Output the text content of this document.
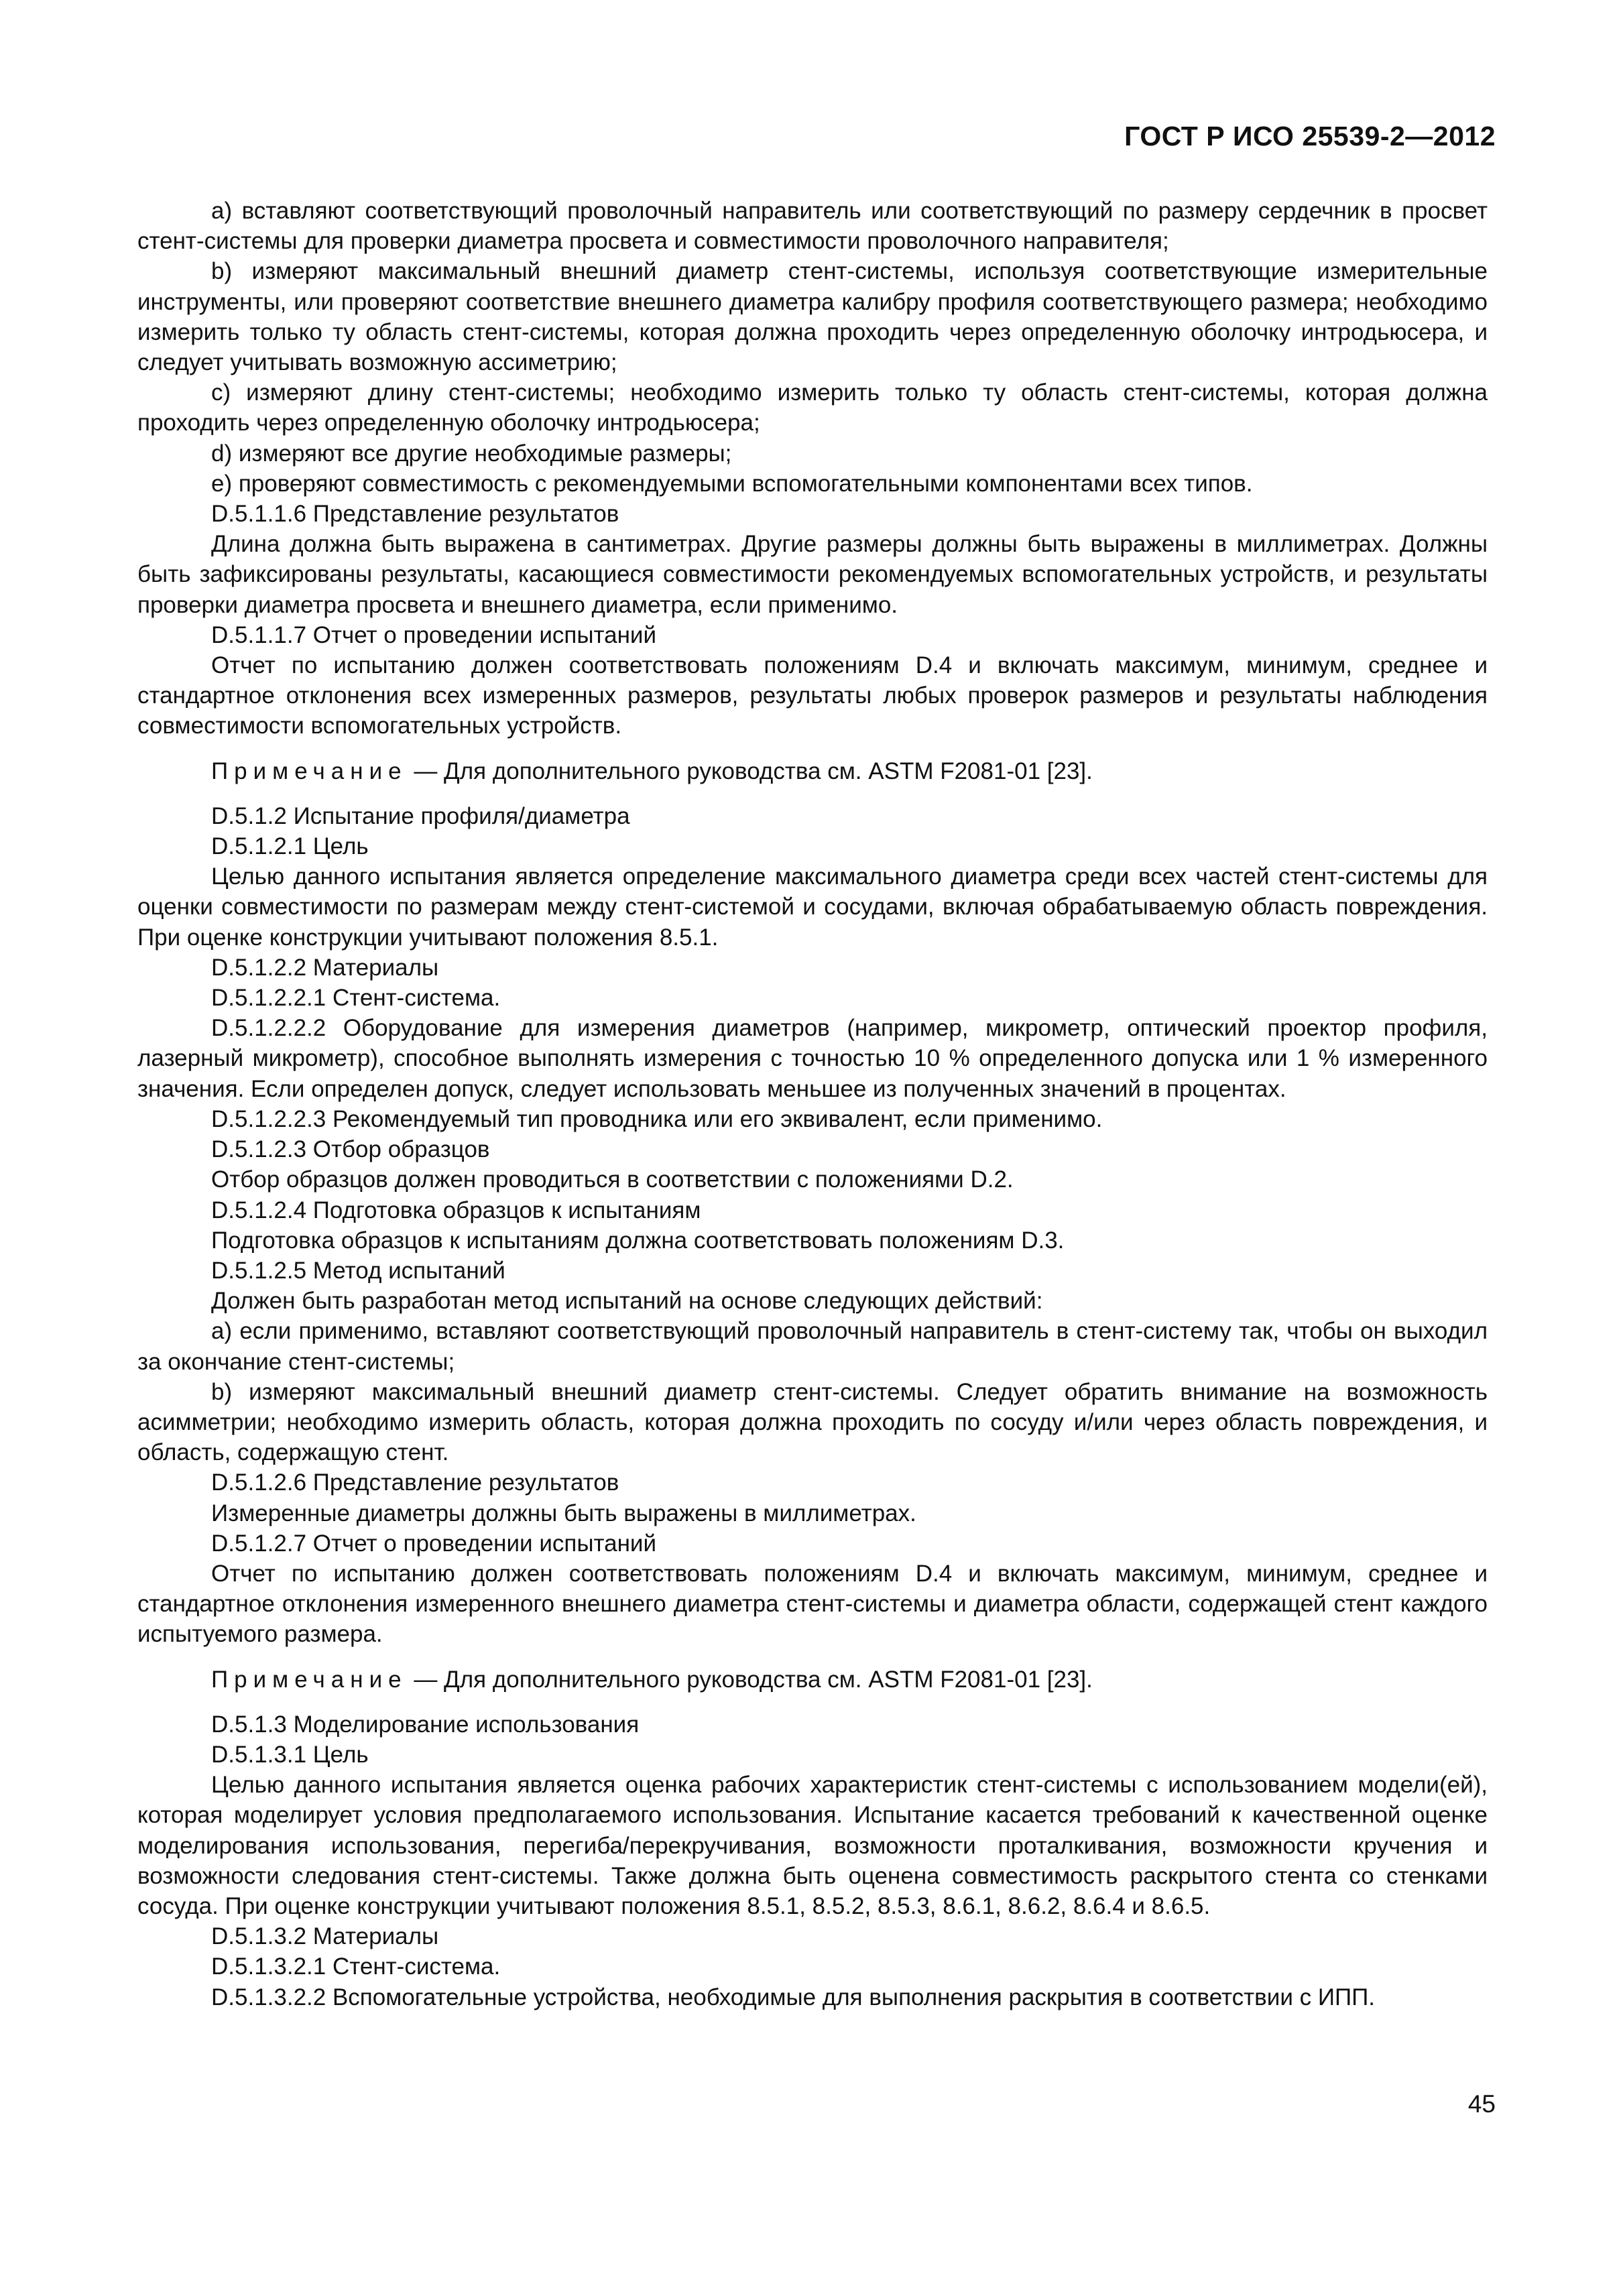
ГОСТ Р ИСО 25539-2—2012

a) вставляют соответствующий проволочный направитель или соответствующий по размеру сердечник в просвет стент-системы для проверки диаметра просвета и совместимости проволочного направителя;

b) измеряют максимальный внешний диаметр стент-системы, используя соответствующие измерительные инструменты, или проверяют соответствие внешнего диаметра калибру профиля соответствующего размера; необходимо измерить только ту область стент-системы, которая должна проходить через определенную оболочку интродьюсера, и следует учитывать возможную ассиметрию;

c) измеряют длину стент-системы; необходимо измерить только ту область стент-системы, которая должна проходить через определенную оболочку интродьюсера;

d) измеряют все другие необходимые размеры;

e) проверяют совместимость с рекомендуемыми вспомогательными компонентами всех типов.

D.5.1.1.6 Представление результатов

Длина должна быть выражена в сантиметрах. Другие размеры должны быть выражены в миллиметрах. Должны быть зафиксированы результаты, касающиеся совместимости рекомендуемых вспомогательных устройств, и результаты проверки диаметра просвета и внешнего диаметра, если применимо.

D.5.1.1.7 Отчет о проведении испытаний

Отчет по испытанию должен соответствовать положениям D.4 и включать максимум, минимум, среднее и стандартное отклонения всех измеренных размеров, результаты любых проверок размеров и результаты наблюдения совместимости вспомогательных устройств.

Примечание — Для дополнительного руководства см. ASTM F2081-01 [23].

D.5.1.2 Испытание профиля/диаметра

D.5.1.2.1 Цель

Целью данного испытания является определение максимального диаметра среди всех частей стент-системы для оценки совместимости по размерам между стент-системой и сосудами, включая обрабатываемую область повреждения. При оценке конструкции учитывают положения 8.5.1.

D.5.1.2.2 Материалы

D.5.1.2.2.1 Стент-система.

D.5.1.2.2.2 Оборудование для измерения диаметров (например, микрометр, оптический проектор профиля, лазерный микрометр), способное выполнять измерения с точностью 10 % определенного допуска или 1 % измеренного значения. Если определен допуск, следует использовать меньшее из полученных значений в процентах.

D.5.1.2.2.3 Рекомендуемый тип проводника или его эквивалент, если применимо.

D.5.1.2.3 Отбор образцов

Отбор образцов должен проводиться в соответствии с положениями D.2.

D.5.1.2.4 Подготовка образцов к испытаниям

Подготовка образцов к испытаниям должна соответствовать положениям D.3.

D.5.1.2.5 Метод испытаний

Должен быть разработан метод испытаний на основе следующих действий:

a) если применимо, вставляют соответствующий проволочный направитель в стент-систему так, чтобы он выходил за окончание стент-системы;

b) измеряют максимальный внешний диаметр стент-системы. Следует обратить внимание на возможность асимметрии; необходимо измерить область, которая должна проходить по сосуду и/или через область повреждения, и область, содержащую стент.

D.5.1.2.6 Представление результатов

Измеренные диаметры должны быть выражены в миллиметрах.

D.5.1.2.7 Отчет о проведении испытаний

Отчет по испытанию должен соответствовать положениям D.4 и включать максимум, минимум, среднее и стандартное отклонения измеренного внешнего диаметра стент-системы и диаметра области, содержащей стент каждого испытуемого размера.

Примечание — Для дополнительного руководства см. ASTM F2081-01 [23].

D.5.1.3 Моделирование использования

D.5.1.3.1 Цель

Целью данного испытания является оценка рабочих характеристик стент-системы с использованием модели(ей), которая моделирует условия предполагаемого использования. Испытание касается требований к качественной оценке моделирования использования, перегиба/перекручивания, возможности проталкивания, возможности кручения и возможности следования стент-системы. Также должна быть оценена совместимость раскрытого стента со стенками сосуда. При оценке конструкции учитывают положения 8.5.1, 8.5.2, 8.5.3, 8.6.1, 8.6.2, 8.6.4 и 8.6.5.

D.5.1.3.2 Материалы

D.5.1.3.2.1 Стент-система.

D.5.1.3.2.2 Вспомогательные устройства, необходимые для выполнения раскрытия в соответствии с ИПП.

45
